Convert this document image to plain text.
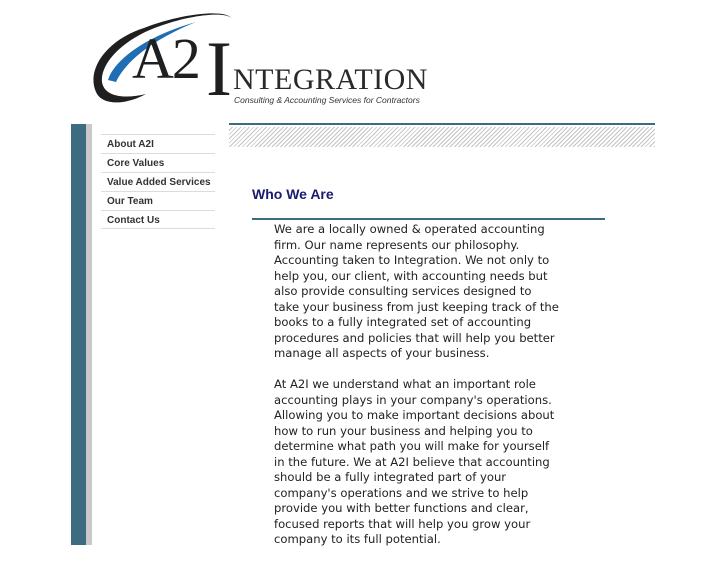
A2 I NTEGRATION
Consulting & Accounting Services for Contractors
About A2I
Core Values
Value Added Services
Our Team
Contact Us
Who We Are

We are a locally owned & operated accounting firm. Our name represents our philosophy. Accounting taken to Integration. We not only to help you, our client, with accounting needs but also provide consulting services designed to take your business from just keeping track of the books to a fully integrated set of accounting procedures and policies that will help you better manage all aspects of your business.

At A2I we understand what an important role accounting plays in your company's operations. Allowing you to make important decisions about how to run your business and helping you to determine what path you will make for yourself in the future. We at A2I believe that accounting should be a fully integrated part of your company's operations and we strive to help provide you with better functions and clear, focused reports that will help you grow your company to its full potential.
